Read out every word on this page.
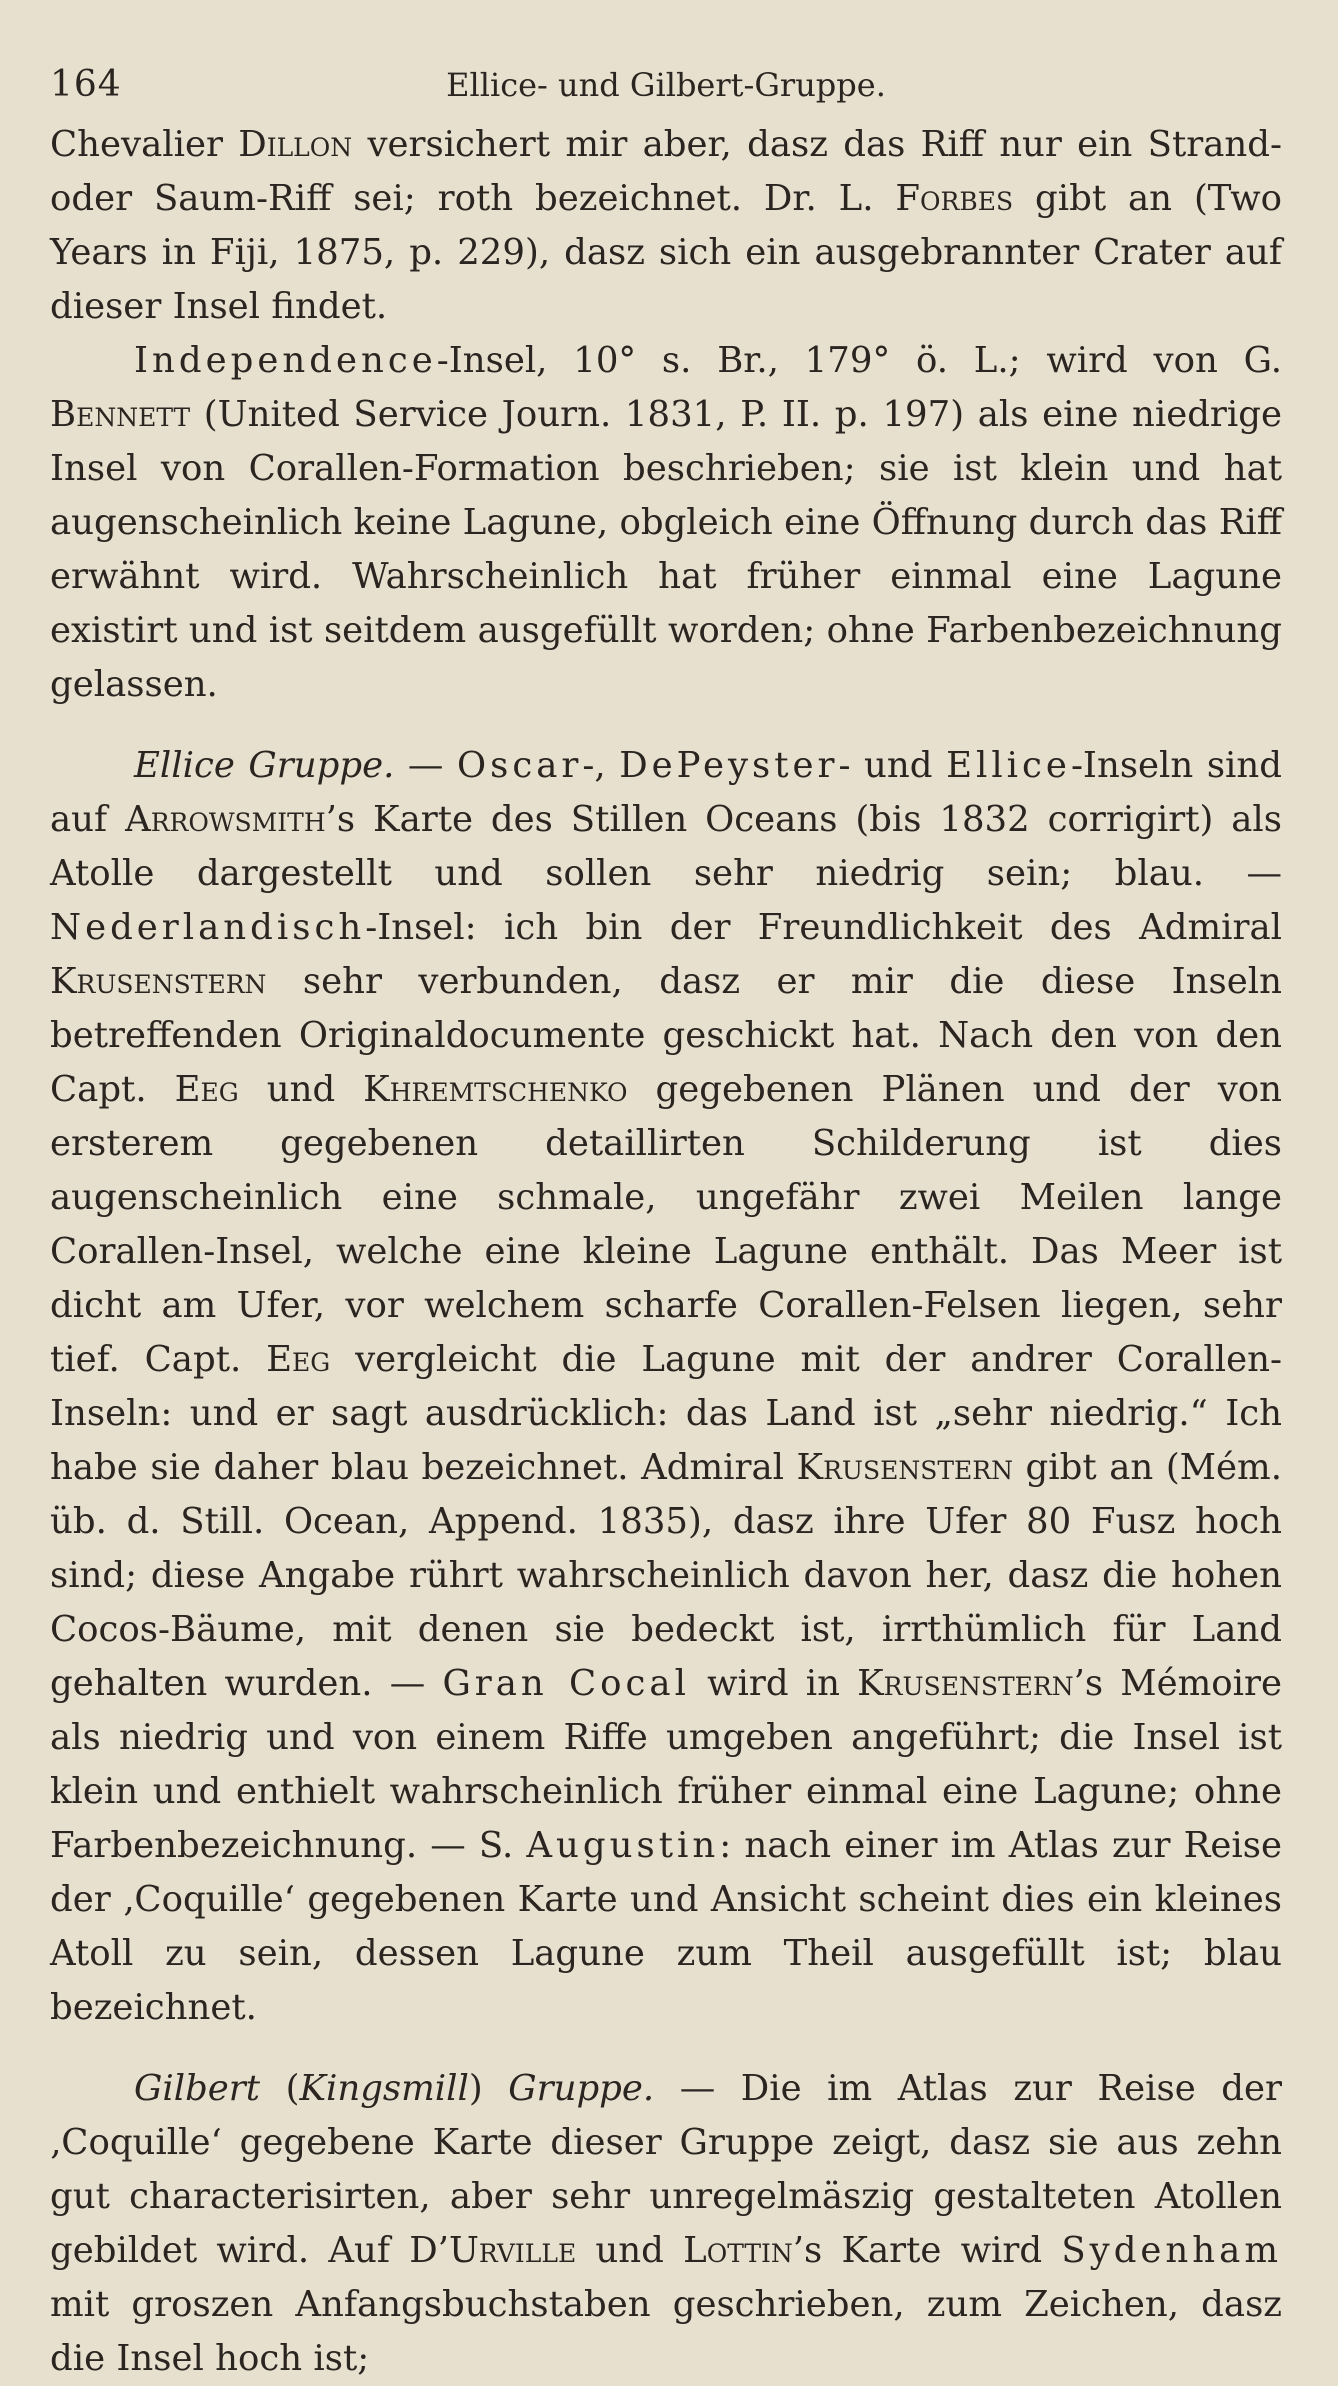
164	Ellice- und Gilbert-Gruppe.

Chevalier Dillon versichert mir aber, dasz das Riff nur ein Strand- oder Saum-Riff sei; roth bezeichnet. Dr. L. Forbes gibt an (Two Years in Fiji, 1875, p. 229), dasz sich ein ausgebrannter Crater auf dieser Insel findet.

Independence-Insel, 10° s. Br., 179° ö. L.; wird von G. Bennett (United Service Journ. 1831, P. II. p. 197) als eine niedrige Insel von Corallen-Formation beschrieben; sie ist klein und hat augenscheinlich keine Lagune, obgleich eine Öffnung durch das Riff erwähnt wird. Wahrscheinlich hat früher einmal eine Lagune existirt und ist seitdem ausgefüllt worden; ohne Farbenbezeichnung gelassen.

Ellice Gruppe. — Oscar-, DePeyster- und Ellice-Inseln sind auf Arrowsmith’s Karte des Stillen Oceans (bis 1832 corrigirt) als Atolle dargestellt und sollen sehr niedrig sein; blau. — Nederlandisch-Insel: ich bin der Freundlichkeit des Admiral Krusenstern sehr verbunden, dasz er mir die diese Inseln betreffenden Originaldocumente geschickt hat. Nach den von den Capt. Eeg und Khremtschenko gegebenen Plänen und der von ersterem gegebenen detaillirten Schilderung ist dies augenscheinlich eine schmale, ungefähr zwei Meilen lange Corallen-Insel, welche eine kleine Lagune enthält. Das Meer ist dicht am Ufer, vor welchem scharfe Corallen-Felsen liegen, sehr tief. Capt. Eeg vergleicht die Lagune mit der andrer Corallen-Inseln: und er sagt ausdrücklich: das Land ist „sehr niedrig.“ Ich habe sie daher blau bezeichnet. Admiral Krusenstern gibt an (Mém. üb. d. Still. Ocean, Append. 1835), dasz ihre Ufer 80 Fusz hoch sind; diese Angabe rührt wahrscheinlich davon her, dasz die hohen Cocos-Bäume, mit denen sie bedeckt ist, irrthümlich für Land gehalten wurden. — Gran Cocal wird in Krusenstern’s Mémoire als niedrig und von einem Riffe umgeben angeführt; die Insel ist klein und enthielt wahrscheinlich früher einmal eine Lagune; ohne Farbenbezeichnung. — S. Augustin: nach einer im Atlas zur Reise der ‚Coquille‘ gegebenen Karte und Ansicht scheint dies ein kleines Atoll zu sein, dessen Lagune zum Theil ausgefüllt ist; blau bezeichnet.

Gilbert (Kingsmill) Gruppe. — Die im Atlas zur Reise der ‚Coquille‘ gegebene Karte dieser Gruppe zeigt, dasz sie aus zehn gut characterisirten, aber sehr unregelmäszig gestalteten Atollen gebildet wird. Auf D’Urville und Lottin’s Karte wird Sydenham mit groszen Anfangsbuchstaben geschrieben, zum Zeichen, dasz die Insel hoch ist;
